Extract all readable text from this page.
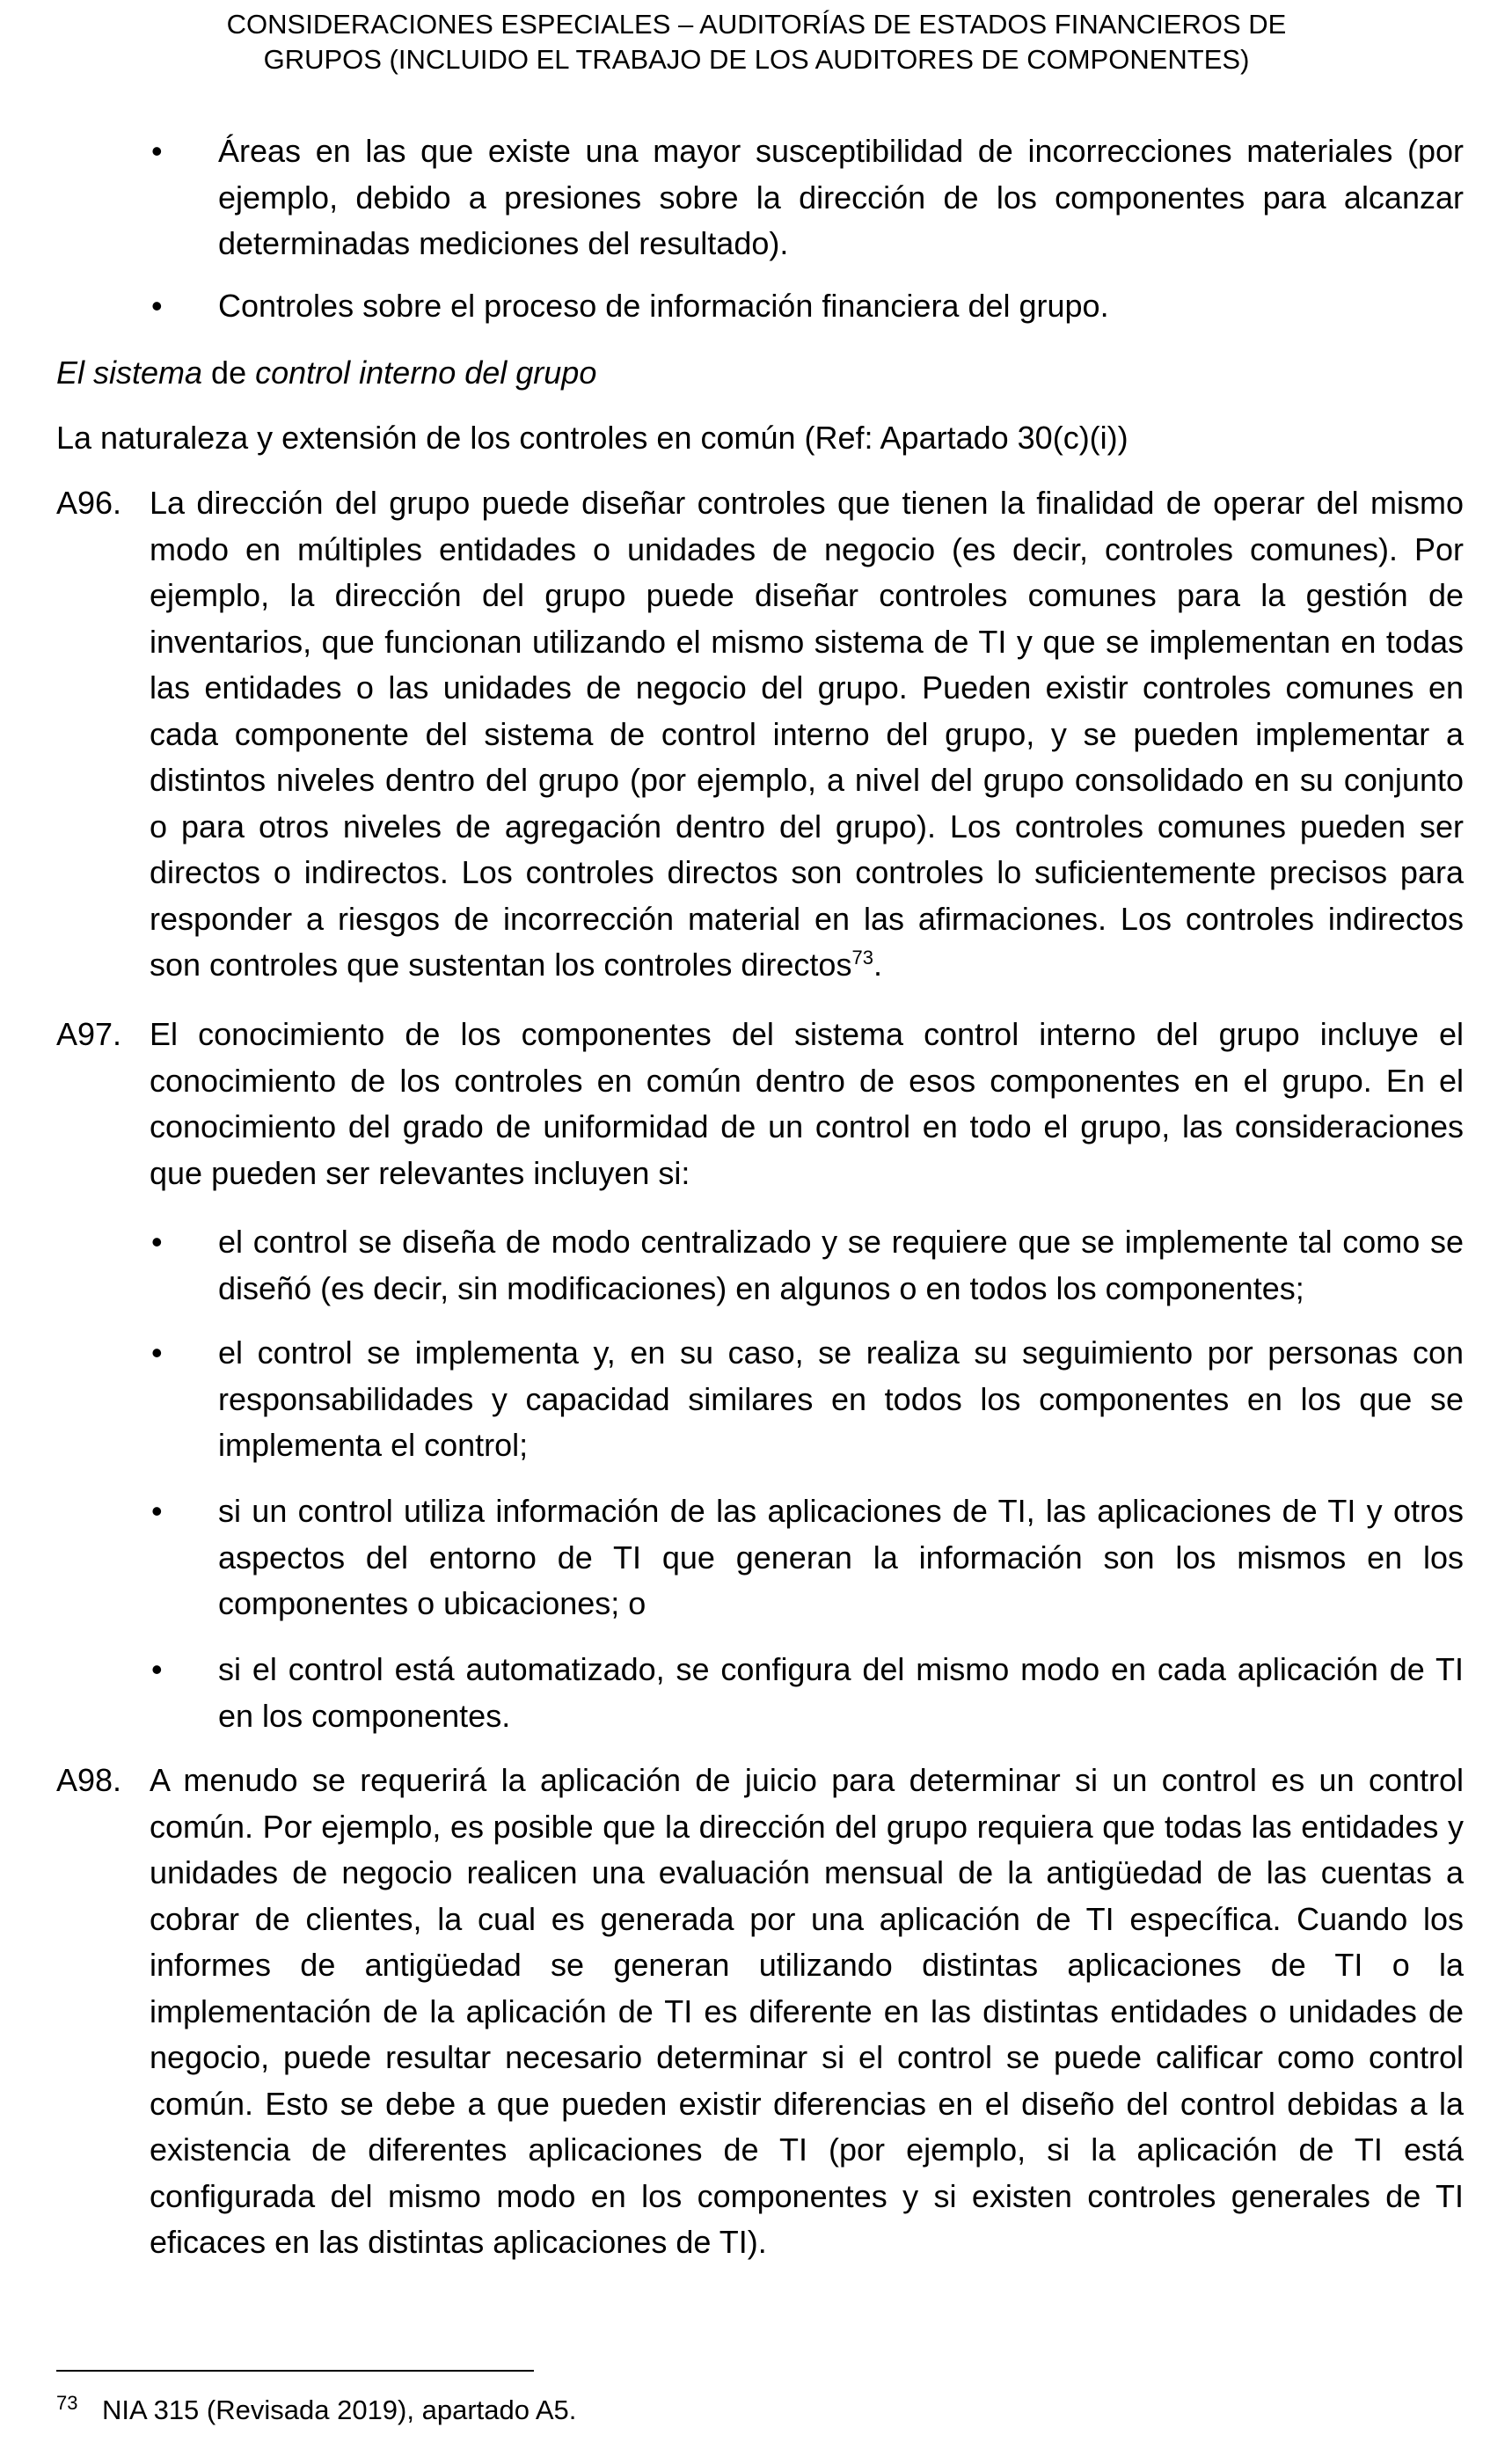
CONSIDERACIONES ESPECIALES – AUDITORÍAS DE ESTADOS FINANCIEROS DE
GRUPOS (INCLUIDO EL TRABAJO DE LOS AUDITORES DE COMPONENTES)
• Áreas en las que existe una mayor susceptibilidad de incorrecciones materiales (por ejemplo, debido a presiones sobre la dirección de los componentes para alcanzar determinadas mediciones del resultado).
• Controles sobre el proceso de información financiera del grupo.

El sistema de control interno del grupo

La naturaleza y extensión de los controles en común (Ref: Apartado 30(c)(i))

A96. La dirección del grupo puede diseñar controles que tienen la finalidad de operar del mismo modo en múltiples entidades o unidades de negocio (es decir, controles comunes). Por ejemplo, la dirección del grupo puede diseñar controles comunes para la gestión de inventarios, que funcionan utilizando el mismo sistema de TI y que se implementan en todas las entidades o las unidades de negocio del grupo. Pueden existir controles comunes en cada componente del sistema de control interno del grupo, y se pueden implementar a distintos niveles dentro del grupo (por ejemplo, a nivel del grupo consolidado en su conjunto o para otros niveles de agregación dentro del grupo). Los controles comunes pueden ser directos o indirectos. Los controles directos son controles lo suficientemente precisos para responder a riesgos de incorrección material en las afirmaciones. Los controles indirectos son controles que sustentan los controles directos$^{73}$.
A97. El conocimiento de los componentes del sistema control interno del grupo incluye el conocimiento de los controles en común dentro de esos componentes en el grupo. En el conocimiento del grado de uniformidad de un control en todo el grupo, las consideraciones que pueden ser relevantes incluyen si:
• el control se diseña de modo centralizado y se requiere que se implemente tal como se diseñó (es decir, sin modificaciones) en algunos o en todos los componentes;
• el control se implementa y, en su caso, se realiza su seguimiento por personas con responsabilidades y capacidad similares en todos los componentes en los que se implementa el control;
• si un control utiliza información de las aplicaciones de TI, las aplicaciones de TI y otros aspectos del entorno de TI que generan la información son los mismos en los componentes o ubicaciones; o
• si el control está automatizado, se configura del mismo modo en cada aplicación de TI en los componentes.
A98. A menudo se requerirá la aplicación de juicio para determinar si un control es un control común. Por ejemplo, es posible que la dirección del grupo requiera que todas las entidades y unidades de negocio realicen una evaluación mensual de la antigüedad de las cuentas a cobrar de clientes, la cual es generada por una aplicación de TI específica. Cuando los informes de antigüedad se generan utilizando distintas aplicaciones de TI o la implementación de la aplicación de TI es diferente en las distintas entidades o unidades de negocio, puede resultar necesario determinar si el control se puede calificar como control común. Esto se debe a que pueden existir diferencias en el diseño del control debidas a la existencia de diferentes aplicaciones de TI (por ejemplo, si la aplicación de TI está configurada del mismo modo en los componentes y si existen controles generales de TI eficaces en las distintas aplicaciones de TI).
73 NIA 315 (Revisada 2019), apartado A5.
